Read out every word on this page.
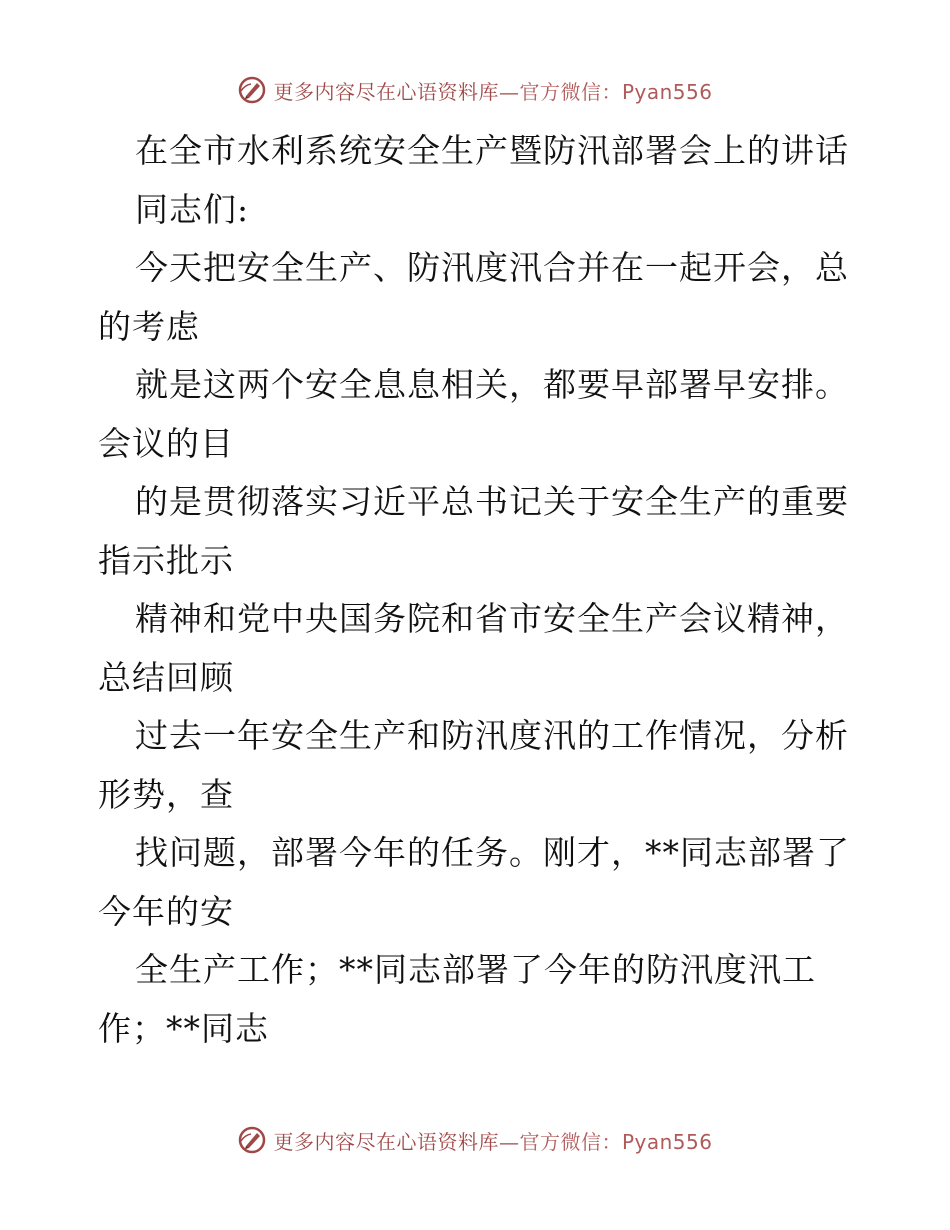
更多内容尽在心语资料库—官方微信：Pyan556
在全市水利系统安全生产暨防汛部署会上的讲话
同志们:
今天把安全生产、防汛度汛合并在一起开会，总
的考虑
就是这两个安全息息相关，都要早部署早安排。
会议的目
的是贯彻落实习近平总书记关于安全生产的重要
指示批示
精神和党中央国务院和省市安全生产会议精神，
总结回顾
过去一年安全生产和防汛度汛的工作情况，分析
形势，查
找问题，部署今年的任务。刚才，**同志部署了
今年的安
全生产工作；**同志部署了今年的防汛度汛工
作；**同志
更多内容尽在心语资料库—官方微信：Pyan556
